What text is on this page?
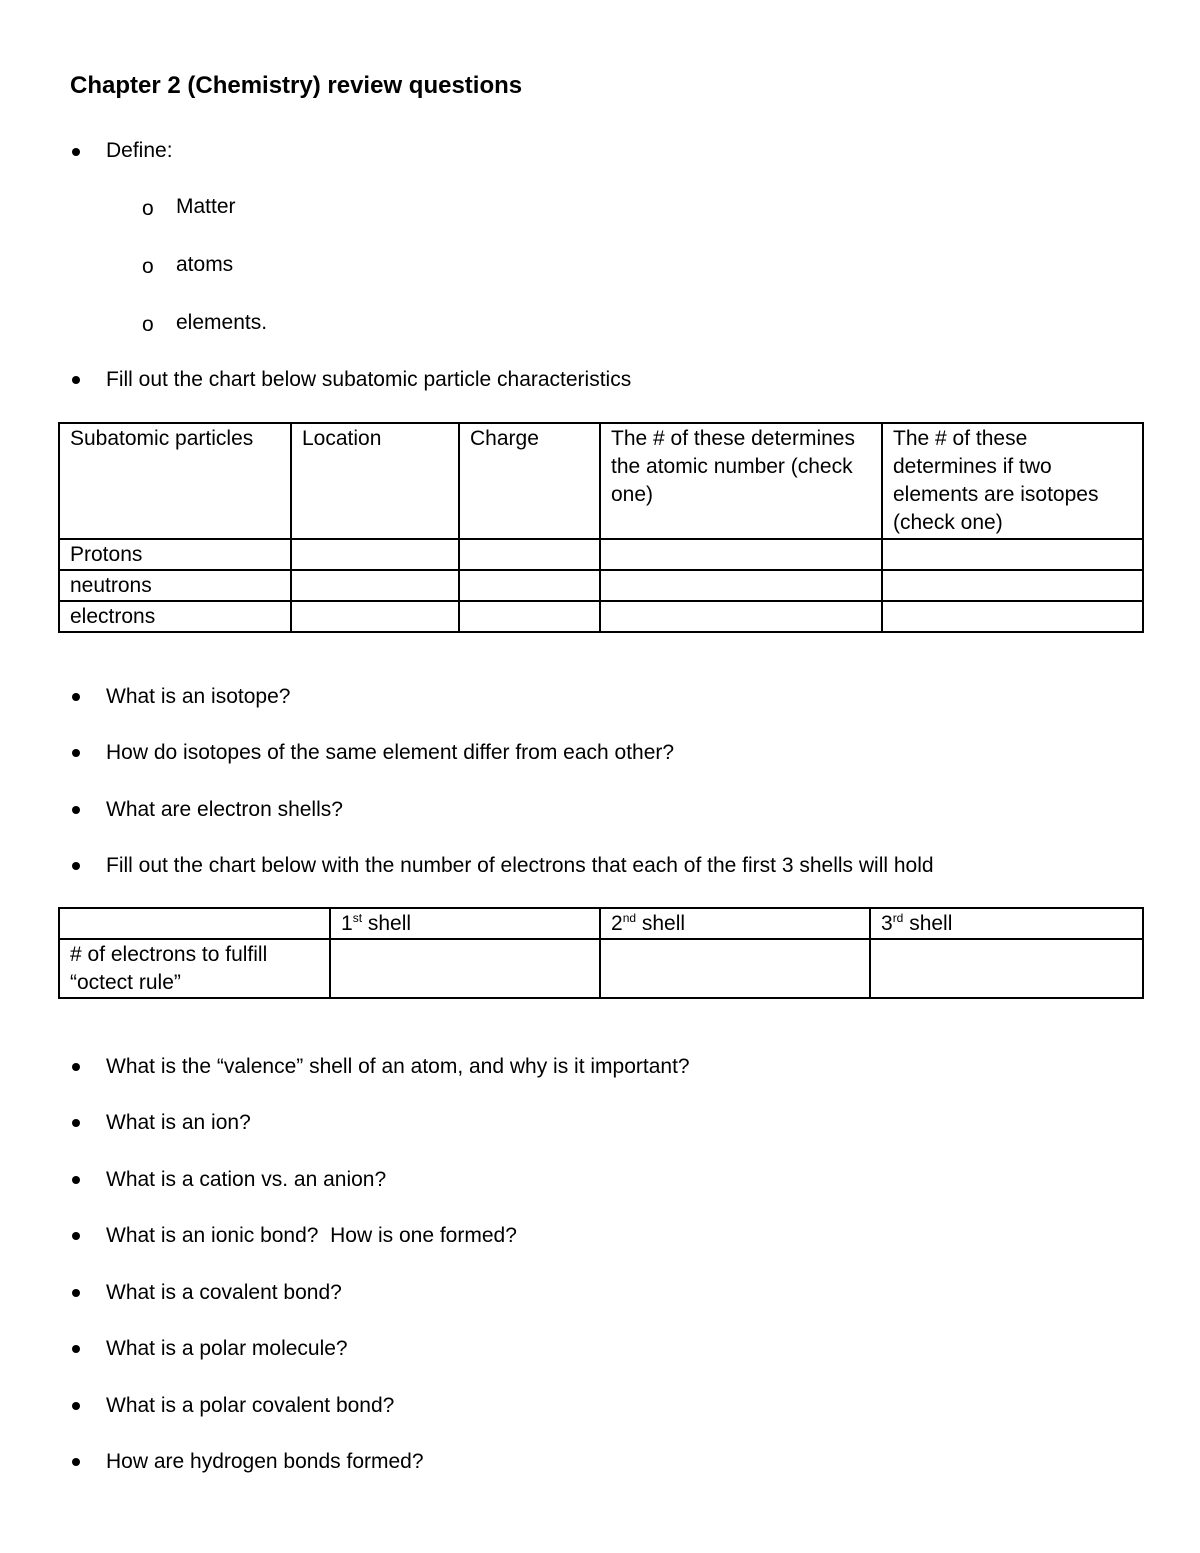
Chapter 2 (Chemistry) review questions
Define:
o Matter
o atoms
o elements.
Fill out the chart below subatomic particle characteristics
Subatomic particles	Location	Charge	The # of these determines the atomic number (check one)	The # of these determines if two elements are isotopes (check one)
Protons				
neutrons				
electrons				
What is an isotope?
How do isotopes of the same element differ from each other?
What are electron shells?
Fill out the chart below with the number of electrons that each of the first 3 shells will hold
	1st shell	2nd shell	3rd shell
# of electrons to fulfill “octect rule”			
What is the “valence” shell of an atom, and why is it important?
What is an ion?
What is a cation vs. an anion?
What is an ionic bond?  How is one formed?
What is a covalent bond?
What is a polar molecule?
What is a polar covalent bond?
How are hydrogen bonds formed?
